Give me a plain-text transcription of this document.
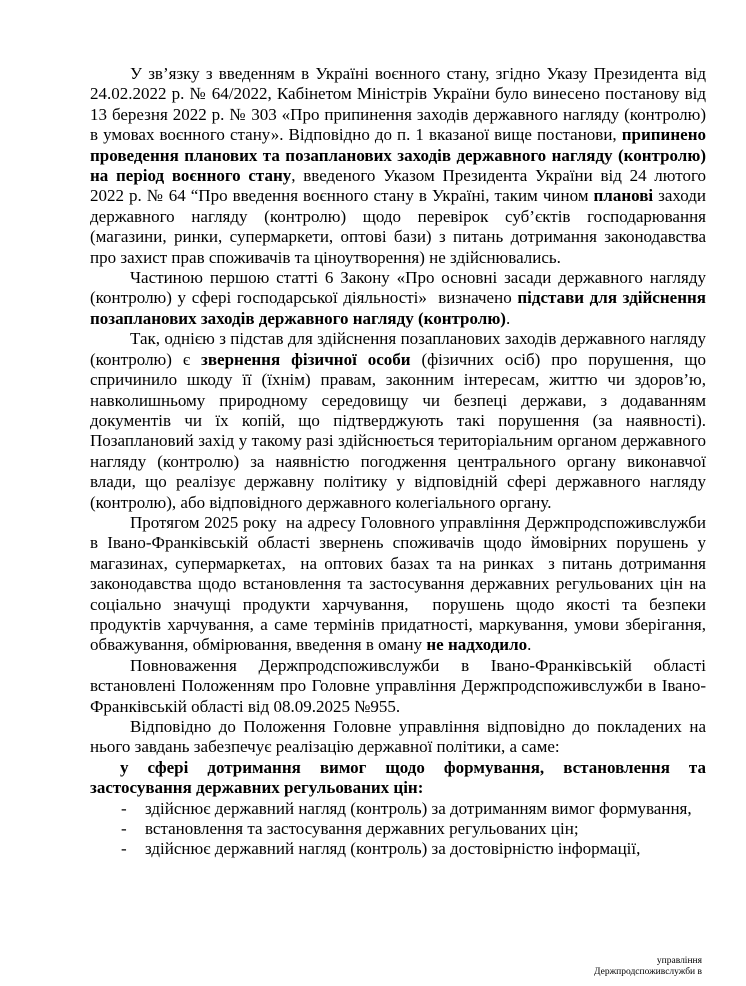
управління
Держпродспоживслужби в

У зв’язку з введенням в Україні воєнного стану, згідно Указу Президента від 24.02.2022 р. № 64/2022, Кабінетом Міністрів України було винесено постанову від 13 березня 2022 р. № 303 «Про припинення заходів державного нагляду (контролю) в умовах воєнного стану». Відповідно до п. 1 вказаної вище постанови, припинено проведення планових та позапланових заходів державного нагляду (контролю) на період воєнного стану, введеного Указом Президента України від 24 лютого 2022 р. № 64 “Про введення воєнного стану в Україні, таким чином планові заходи державного нагляду (контролю) щодо перевірок суб’єктів господарювання (магазини, ринки, супермаркети, оптові бази) з питань дотримання законодавства про захист прав споживачів та ціноутворення) не здійснювались.

Частиною першою статті 6 Закону «Про основні засади державного нагляду (контролю) у сфері господарської діяльності»  визначено підстави для здійснення позапланових заходів державного нагляду (контролю).

Так, однією з підстав для здійснення позапланових заходів державного нагляду (контролю) є звернення фізичної особи (фізичних осіб) про порушення, що спричинило шкоду її (їхнім) правам, законним інтересам, життю чи здоров’ю, навколишньому природному середовищу чи безпеці держави, з додаванням документів чи їх копій, що підтверджують такі порушення (за наявності). Позаплановий захід у такому разі здійснюється територіальним органом державного нагляду (контролю) за наявністю погодження центрального органу виконавчої влади, що реалізує державну політику у відповідній сфері державного нагляду (контролю), або відповідного державного колегіального органу.

Протягом 2025 року  на адресу Головного управління Держпродспоживслужби в Івано-Франківській області звернень споживачів щодо ймовірних порушень у магазинах, супермаркетах,  на оптових базах та на ринках  з питань дотримання законодавства щодо встановлення та застосування державних регульованих цін на соціально значущі продукти харчування,  порушень щодо якості та безпеки продуктів харчування, а саме термінів придатності, маркування, умови зберігання, обважування, обмірювання, введення в оману не надходило.

Повноваження Держпродспоживслужби в Івано-Франківській області встановлені Положенням про Головне управління Держпродспоживслужби в Івано-Франківській області від 08.09.2025 №955.

Відповідно до Положення Головне управління відповідно до покладених на нього завдань забезпечує реалізацію державної політики, а саме:

у сфері дотримання вимог щодо формування, встановлення та застосування державних регульованих цін:

-	здійснює державний нагляд (контроль) за дотриманням вимог формування,
-	встановлення та застосування державних регульованих цін;
-	здійснює державний нагляд (контроль) за достовірністю інформації,
